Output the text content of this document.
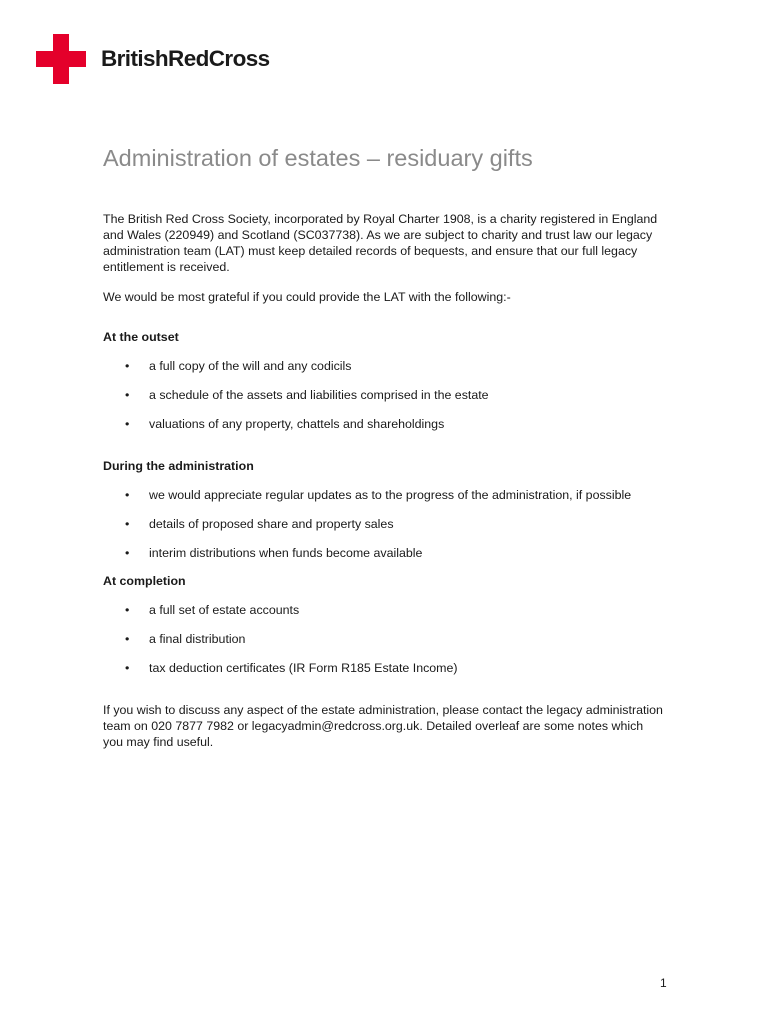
BritishRedCross
Administration of estates – residuary gifts

The British Red Cross Society, incorporated by Royal Charter 1908, is a charity registered in England and Wales (220949) and Scotland (SC037738). As we are subject to charity and trust law our legacy administration team (LAT) must keep detailed records of bequests, and ensure that our full legacy entitlement is received.

We would be most grateful if you could provide the LAT with the following:-

At the outset

• a full copy of the will and any codicils
• a schedule of the assets and liabilities comprised in the estate
• valuations of any property, chattels and shareholdings

During the administration

• we would appreciate regular updates as to the progress of the administration, if possible
• details of proposed share and property sales
• interim distributions when funds become available

At completion

• a full set of estate accounts
• a final distribution
• tax deduction certificates (IR Form R185 Estate Income)

If you wish to discuss any aspect of the estate administration, please contact the legacy administration team on 020 7877 7982 or legacyadmin@redcross.org.uk. Detailed overleaf are some notes which you may find useful.

1
